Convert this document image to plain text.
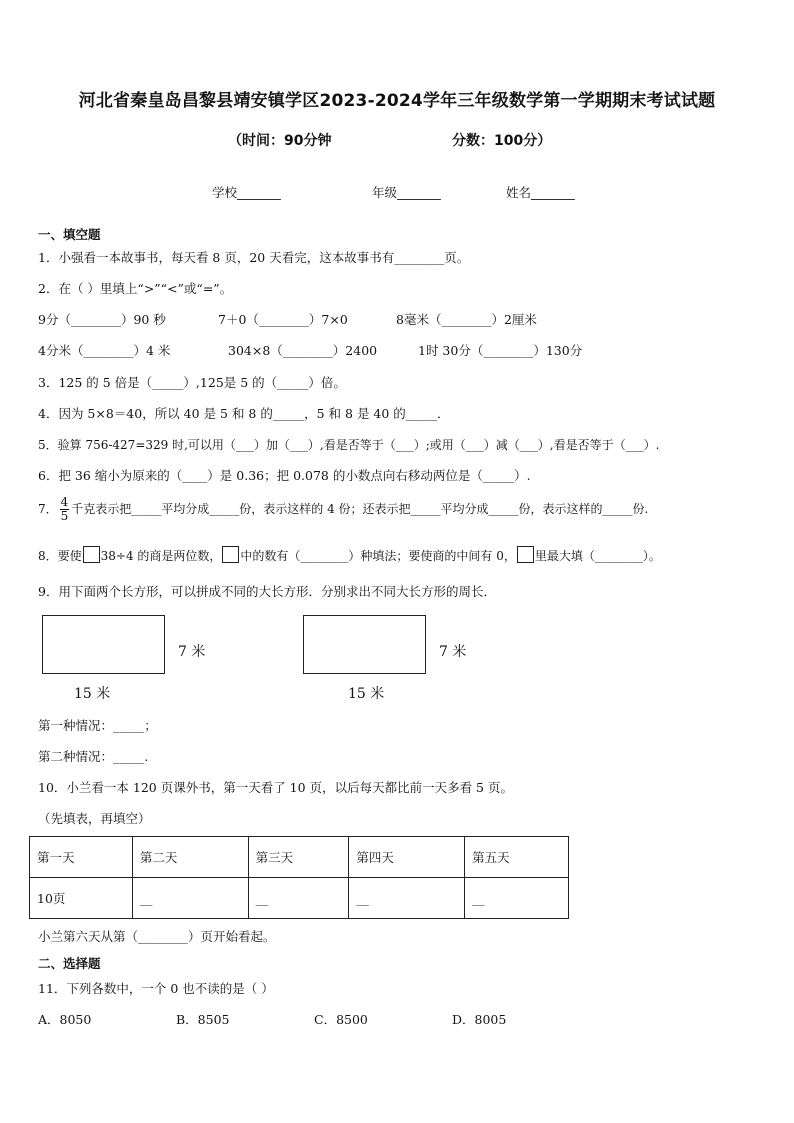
河北省秦皇岛昌黎县靖安镇学区2023-2024学年三年级数学第一学期期末考试试题
（时间：90分钟	分数：100分）
学校_______	年级_______	姓名_______
一、填空题
1．小强看一本故事书，每天看 8 页，20 天看完，这本故事书有________页。
2．在（ ）里填上“>”“<”或“=”。
9分（________）90 秒	7＋0（________）7×0	8毫米（________）2厘米
4分米（________）4 米	304×8（________）2400	1时 30分（________）130分
3．125 的 5 倍是（_____）,125是 5 的（_____）倍。
4．因为 5×8＝40，所以 40 是 5 和 8 的_____，5 和 8 是 40 的_____．
5．验算 756-427=329 时,可以用（___）加（___）,看是否等于（___）;或用（___）减（___）,看是否等于（___）.
6．把 36 缩小为原来的（____）是 0.36；把 0.078 的小数点向右移动两位是（_____）.
7． $\frac{4}{5}$ 千克表示把_____平均分成_____份，表示这样的 4 份；还表示把_____平均分成_____份，表示这样的_____份.
8．要使 38÷4 的商是两位数， 中的数有（________）种填法；要使商的中间有 0， 里最大填（________）。
9．用下面两个长方形，可以拼成不同的大长方形．分别求出不同大长方形的周长．
7 米
15 米
7 米
15 米
第一种情况：_____；
第二种情况：_____.
10．小兰看一本 120 页课外书，第一天看了 10 页，以后每天都比前一天多看 5 页。
（先填表，再填空）
第一天	第二天	第三天	第四天	第五天
10页	__	__	__	__
小兰第六天从第（________）页开始看起。
二、选择题
11．下列各数中，一个 0 也不读的是（ ）
A．8050	B．8505	C．8500	D．8005
